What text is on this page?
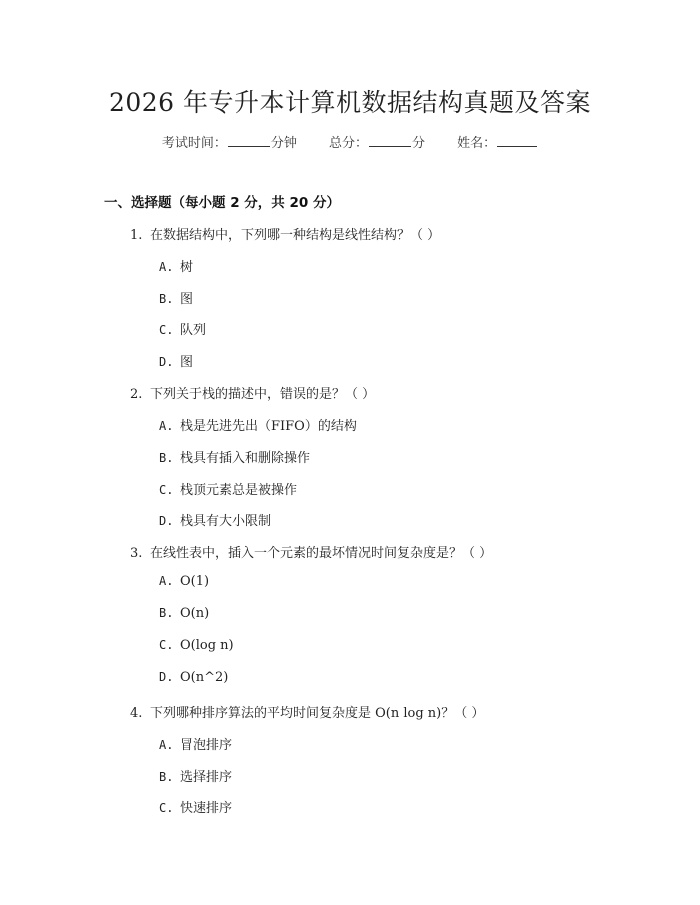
2026 年专升本计算机数据结构真题及答案
考试时间：	分钟 总分：	分 姓名：
一、选择题（每小题 2 分，共 20 分）
1. 在数据结构中，下列哪一种结构是线性结构？（ ）
A. 树
B. 图
C. 队列
D. 图
2. 下列关于栈的描述中，错误的是？（ ）
A. 栈是先进先出（FIFO）的结构
B. 栈具有插入和删除操作
C. 栈顶元素总是被操作
D. 栈具有大小限制
3. 在线性表中，插入一个元素的最坏情况时间复杂度是？（ ）
A. O(1)
B. O(n)
C. O(log n)
D. O(n^2)
4. 下列哪种排序算法的平均时间复杂度是 O(n log n)？（ ）
A. 冒泡排序
B. 选择排序
C. 快速排序
